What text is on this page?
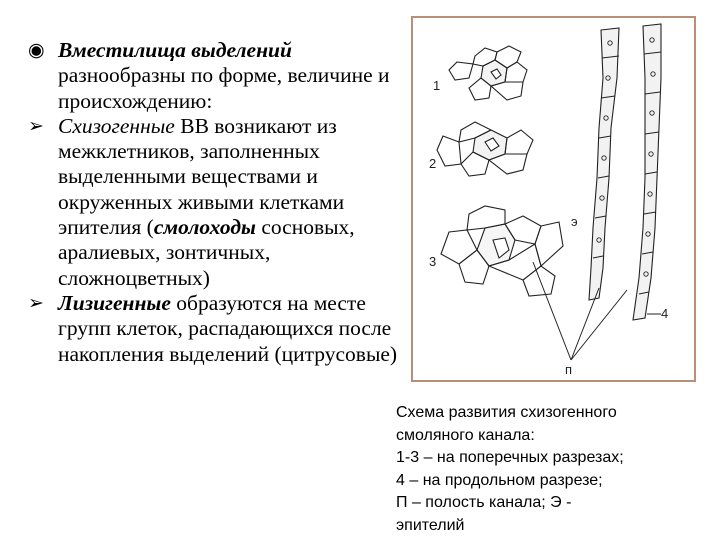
◉ Вместилища выделений разнообразны по форме, величине и происхождению:
➢ Схизогенные ВВ возникают из межклетников, заполненных выделенными веществами и окруженных живыми клетками эпителия (смолоходы сосновых, аралиевых, зонтичных, сложноцветных)
➢ Лизигенные образуются на месте групп клеток, распадающихся после накопления выделений (цитрусовые)
1
2
3
4
э
п
Схема развития схизогенного
смоляного канала:
1-3 – на поперечных разрезах;
4 – на продольном разрезе;
П – полость канала; Э -
эпителий
